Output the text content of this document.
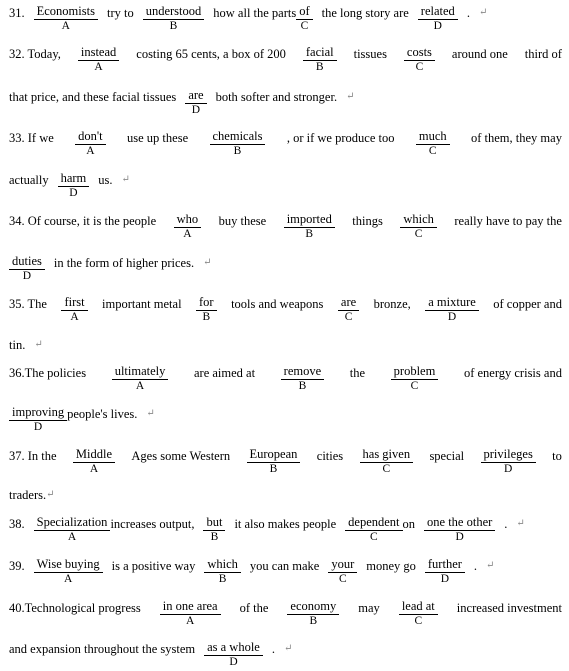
31. Economists
A
try to understood
B
how all the parts of
C
the long story are related
D
. ↵
32. Today, instead
A
costing 65 cents, a box of 200 facial
B
tissues costs
C
around one third of
that price, and these facial tissues are
D
both softer and stronger. ↵
33. If we don't
A
use up these chemicals
B
, or if we produce too much
C
of them, they may
actually harm
D
us. ↵
34. Of course, it is the people who
A
buy these imported
B
things which
C
really have to pay the
duties
D
in the form of higher prices. ↵
35. The first
A
important metal for
B
tools and weapons are
C
bronze, a mixture
D
of copper and
tin. ↵
36.The policies ultimately
A
are aimed at remove
B
the problem
C
of energy crisis and
improving
D
people's lives. ↵
37. In the Middle
A
Ages some Western European
B
cities has given
C
special privileges
D
to
traders. ↵
38. Specialization
A
increases output, but
B
it also makes people dependent
C
on one the other
D
. ↵
39. Wise buying
A
is a positive way which
B
you can make your
C
money go further
D
. ↵
40.Technological progress in one area
A
of the economy
B
may lead at
C
increased investment
and expansion throughout the system as a whole
D
. ↵
